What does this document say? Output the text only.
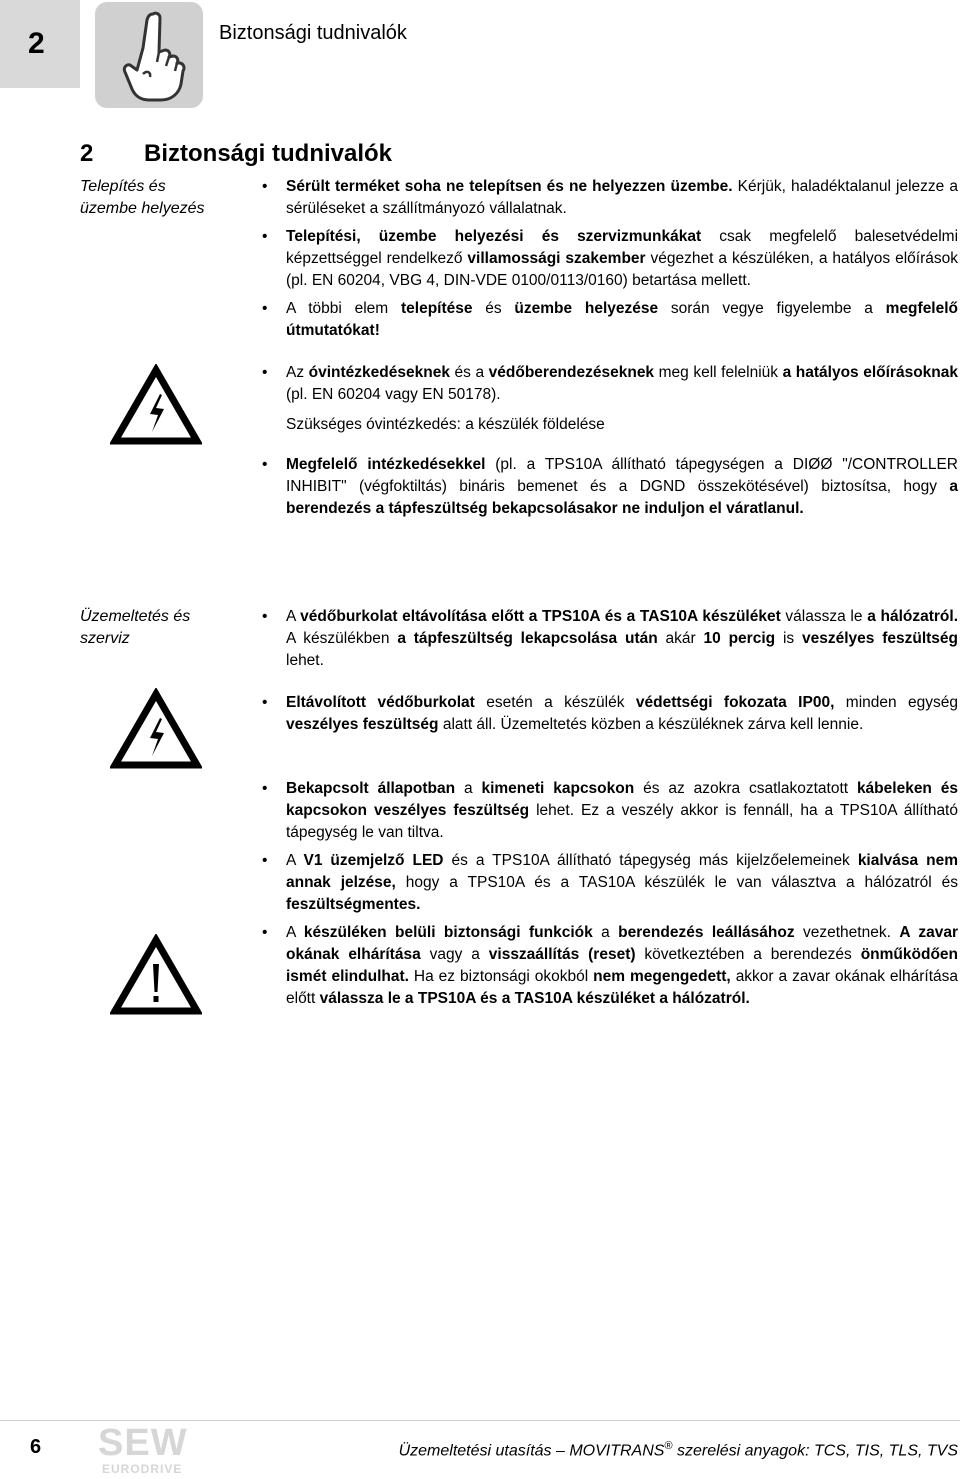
2	Biztonsági tudnivalók
2 Biztonsági tudnivalók
Telepítés és
üzembe helyezés
• Sérült terméket soha ne telepítsen és ne helyezzen üzembe. Kérjük, haladéktalanul jelezze a sérüléseket a szállítmányozó vállalatnak.
• Telepítési, üzembe helyezési és szervizmunkákat csak megfelelő balesetvédelmi képzettséggel rendelkező villamossági szakember végezhet a készüléken, a hatályos előírások (pl. EN 60204, VBG 4, DIN-VDE 0100/0113/0160) betartása mellett.
• A többi elem telepítése és üzembe helyezése során vegye figyelembe a megfelelő útmutatókat!
• Az óvintézkedéseknek és a védőberendezéseknek meg kell felelniük a hatályos előírásoknak (pl. EN 60204 vagy EN 50178).
Szükséges óvintézkedés: a készülék földelése
• Megfelelő intézkedésekkel (pl. a TPS10A állítható tápegységen a DIØØ "/CONTROLLER INHIBIT" (végfoktiltás) bináris bemenet és a DGND összekötésével) biztosítsa, hogy a berendezés a tápfeszültség bekapcsolásakor ne induljon el váratlanul.
Üzemeltetés és
szerviz
• A védőburkolat eltávolítása előtt a TPS10A és a TAS10A készüléket válassza le a hálózatról. A készülékben a tápfeszültség lekapcsolása után akár 10 percig is veszélyes feszültség lehet.
• Eltávolított védőburkolat esetén a készülék védettségi fokozata IP00, minden egység veszélyes feszültség alatt áll. Üzemeltetés közben a készüléknek zárva kell lennie.
• Bekapcsolt állapotban a kimeneti kapcsokon és az azokra csatlakoztatott kábeleken és kapcsokon veszélyes feszültség lehet. Ez a veszély akkor is fennáll, ha a TPS10A állítható tápegység le van tiltva.
• A V1 üzemjelző LED és a TPS10A állítható tápegység más kijelzőelemeinek kialvása nem annak jelzése, hogy a TPS10A és a TAS10A készülék le van választva a hálózatról és feszültségmentes.
• A készüléken belüli biztonsági funkciók a berendezés leállásához vezethetnek. A zavar okának elhárítása vagy a visszaállítás (reset) következtében a berendezés önműködően ismét elindulhat. Ha ez biztonsági okokból nem megengedett, akkor a zavar okának elhárítása előtt válassza le a TPS10A és a TAS10A készüléket a hálózatról.
6 SEW
EURODRIVE
Üzemeltetési utasítás – MOVITRANS® szerelési anyagok: TCS, TIS, TLS, TVS
